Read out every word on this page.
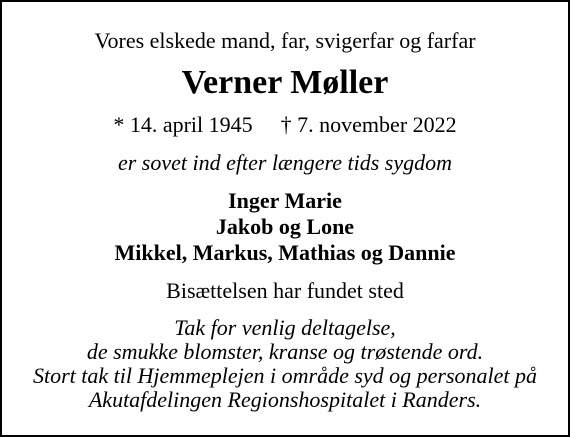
Vores elskede mand, far, svigerfar og farfar
Verner Møller
* 14. april 1945 † 7. november 2022
er sovet ind efter længere tids sygdom
Inger Marie
Jakob og Lone
Mikkel, Markus, Mathias og Dannie
Bisættelsen har fundet sted
Tak for venlig deltagelse,
de smukke blomster, kranse og trøstende ord.
Stort tak til Hjemmeplejen i område syd og personalet på
Akutafdelingen Regionshospitalet i Randers.
